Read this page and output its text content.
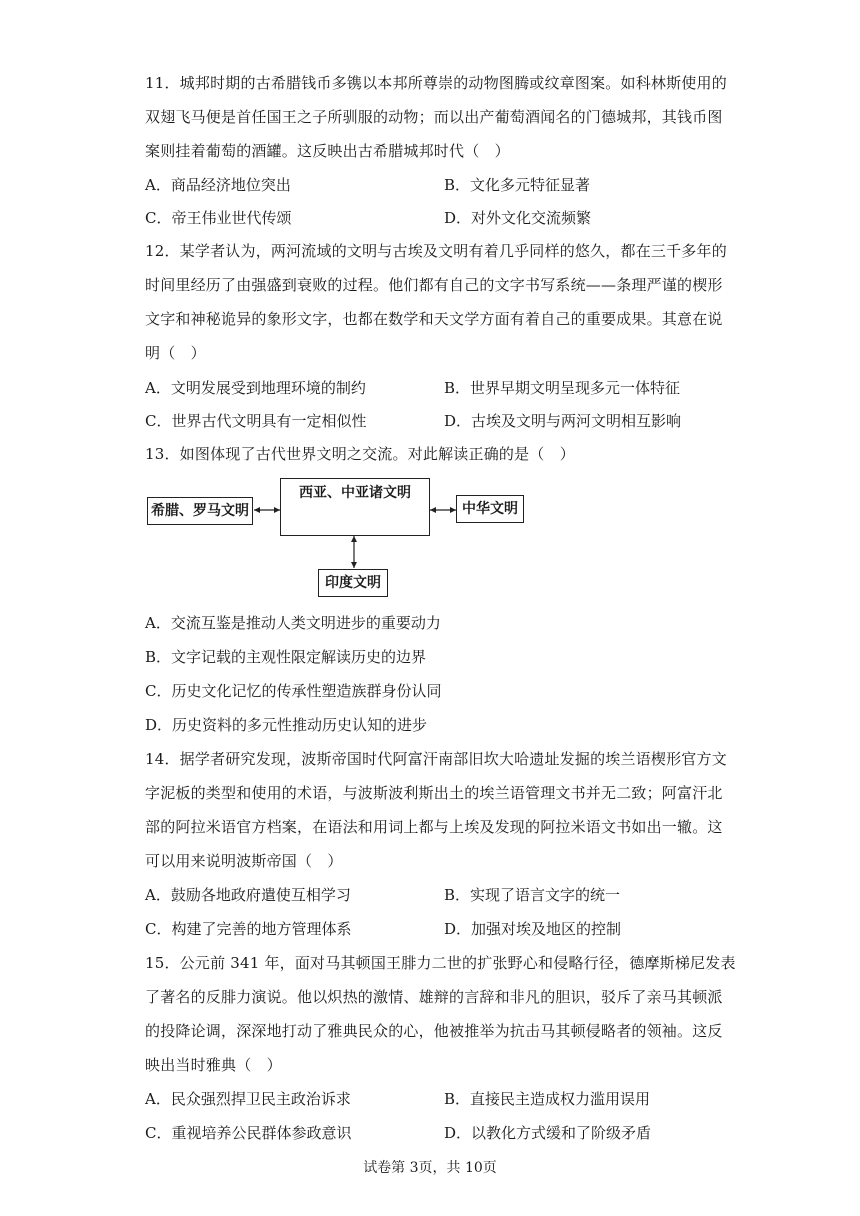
11．城邦时期的古希腊钱币多镌以本邦所尊崇的动物图腾或纹章图案。如科林斯使用的
双翅飞马便是首任国王之子所驯服的动物；而以出产葡萄酒闻名的门德城邦，其钱币图
案则挂着葡萄的酒罐。这反映出古希腊城邦时代（　）
A．商品经济地位突出	B．文化多元特征显著
C．帝王伟业世代传颂	D．对外文化交流频繁
12．某学者认为，两河流域的文明与古埃及文明有着几乎同样的悠久，都在三千多年的
时间里经历了由强盛到衰败的过程。他们都有自己的文字书写系统——条理严谨的楔形
文字和神秘诡异的象形文字，也都在数学和天文学方面有着自己的重要成果。其意在说
明（　）
A．文明发展受到地理环境的制约	B．世界早期文明呈现多元一体特征
C．世界古代文明具有一定相似性	D．古埃及文明与两河文明相互影响
13．如图体现了古代世界文明之交流。对此解读正确的是（　）
希腊、罗马文明
西亚、中亚诸文明
中华文明
印度文明
A．交流互鉴是推动人类文明进步的重要动力
B．文字记载的主观性限定解读历史的边界
C．历史文化记忆的传承性塑造族群身份认同
D．历史资料的多元性推动历史认知的进步
14．据学者研究发现，波斯帝国时代阿富汗南部旧坎大哈遗址发掘的埃兰语楔形官方文
字泥板的类型和使用的术语，与波斯波利斯出土的埃兰语管理文书并无二致；阿富汗北
部的阿拉米语官方档案，在语法和用词上都与上埃及发现的阿拉米语文书如出一辙。这
可以用来说明波斯帝国（　）
A．鼓励各地政府遣使互相学习	B．实现了语言文字的统一
C．构建了完善的地方管理体系	D．加强对埃及地区的控制
15．公元前 341 年，面对马其顿国王腓力二世的扩张野心和侵略行径，德摩斯梯尼发表
了著名的反腓力演说。他以炽热的激情、雄辩的言辞和非凡的胆识，驳斥了亲马其顿派
的投降论调，深深地打动了雅典民众的心，他被推举为抗击马其顿侵略者的领袖。这反
映出当时雅典（　）
A．民众强烈捍卫民主政治诉求	B．直接民主造成权力滥用误用
C．重视培养公民群体参政意识	D．以教化方式缓和了阶级矛盾
试卷第 3页，共 10页
